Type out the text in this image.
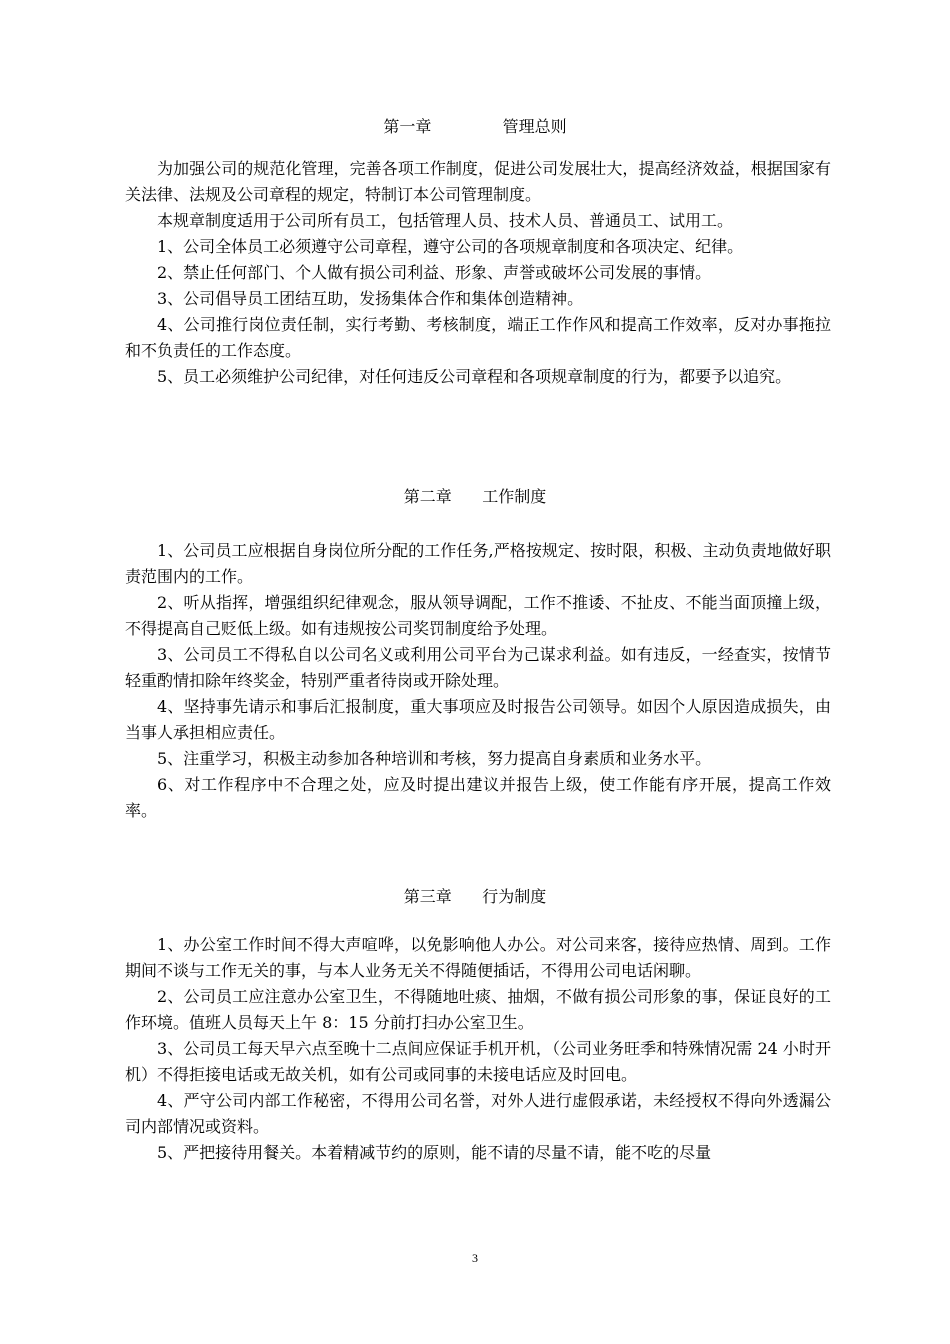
第一章              管理总则

为加强公司的规范化管理，完善各项工作制度，促进公司发展壮大，提高经济效益，根据国家有关法律、法规及公司章程的规定，特制订本公司管理制度。

本规章制度适用于公司所有员工，包括管理人员、技术人员、普通员工、试用工。

1、公司全体员工必须遵守公司章程，遵守公司的各项规章制度和各项决定、纪律。

2、禁止任何部门、个人做有损公司利益、形象、声誉或破坏公司发展的事情。

3、公司倡导员工团结互助，发扬集体合作和集体创造精神。

4、公司推行岗位责任制，实行考勤、考核制度，端正工作作风和提高工作效率，反对办事拖拉和不负责任的工作态度。

5、员工必须维护公司纪律，对任何违反公司章程和各项规章制度的行为，都要予以追究。

第二章      工作制度

1、公司员工应根据自身岗位所分配的工作任务,严格按规定、按时限，积极、主动负责地做好职责范围内的工作。

2、听从指挥，增强组织纪律观念，服从领导调配，工作不推诿、不扯皮、不能当面顶撞上级，不得提高自己贬低上级。如有违规按公司奖罚制度给予处理。

3、公司员工不得私自以公司名义或利用公司平台为己谋求利益。如有违反，一经查实，按情节轻重酌情扣除年终奖金，特别严重者待岗或开除处理。

4、坚持事先请示和事后汇报制度，重大事项应及时报告公司领导。如因个人原因造成损失，由当事人承担相应责任。

5、注重学习，积极主动参加各种培训和考核，努力提高自身素质和业务水平。

6、对工作程序中不合理之处，应及时提出建议并报告上级，使工作能有序开展，提高工作效率。

第三章      行为制度

1、办公室工作时间不得大声喧哗，以免影响他人办公。对公司来客，接待应热情、周到。工作期间不谈与工作无关的事，与本人业务无关不得随便插话，不得用公司电话闲聊。

2、公司员工应注意办公室卫生，不得随地吐痰、抽烟，不做有损公司形象的事，保证良好的工作环境。值班人员每天上午 8：15 分前打扫办公室卫生。

3、公司员工每天早六点至晚十二点间应保证手机开机，（公司业务旺季和特殊情况需 24 小时开机）不得拒接电话或无故关机，如有公司或同事的未接电话应及时回电。

4、严守公司内部工作秘密，不得用公司名誉，对外人进行虚假承诺，未经授权不得向外透漏公司内部情况或资料。

5、严把接待用餐关。本着精减节约的原则，能不请的尽量不请，能不吃的尽量

3
